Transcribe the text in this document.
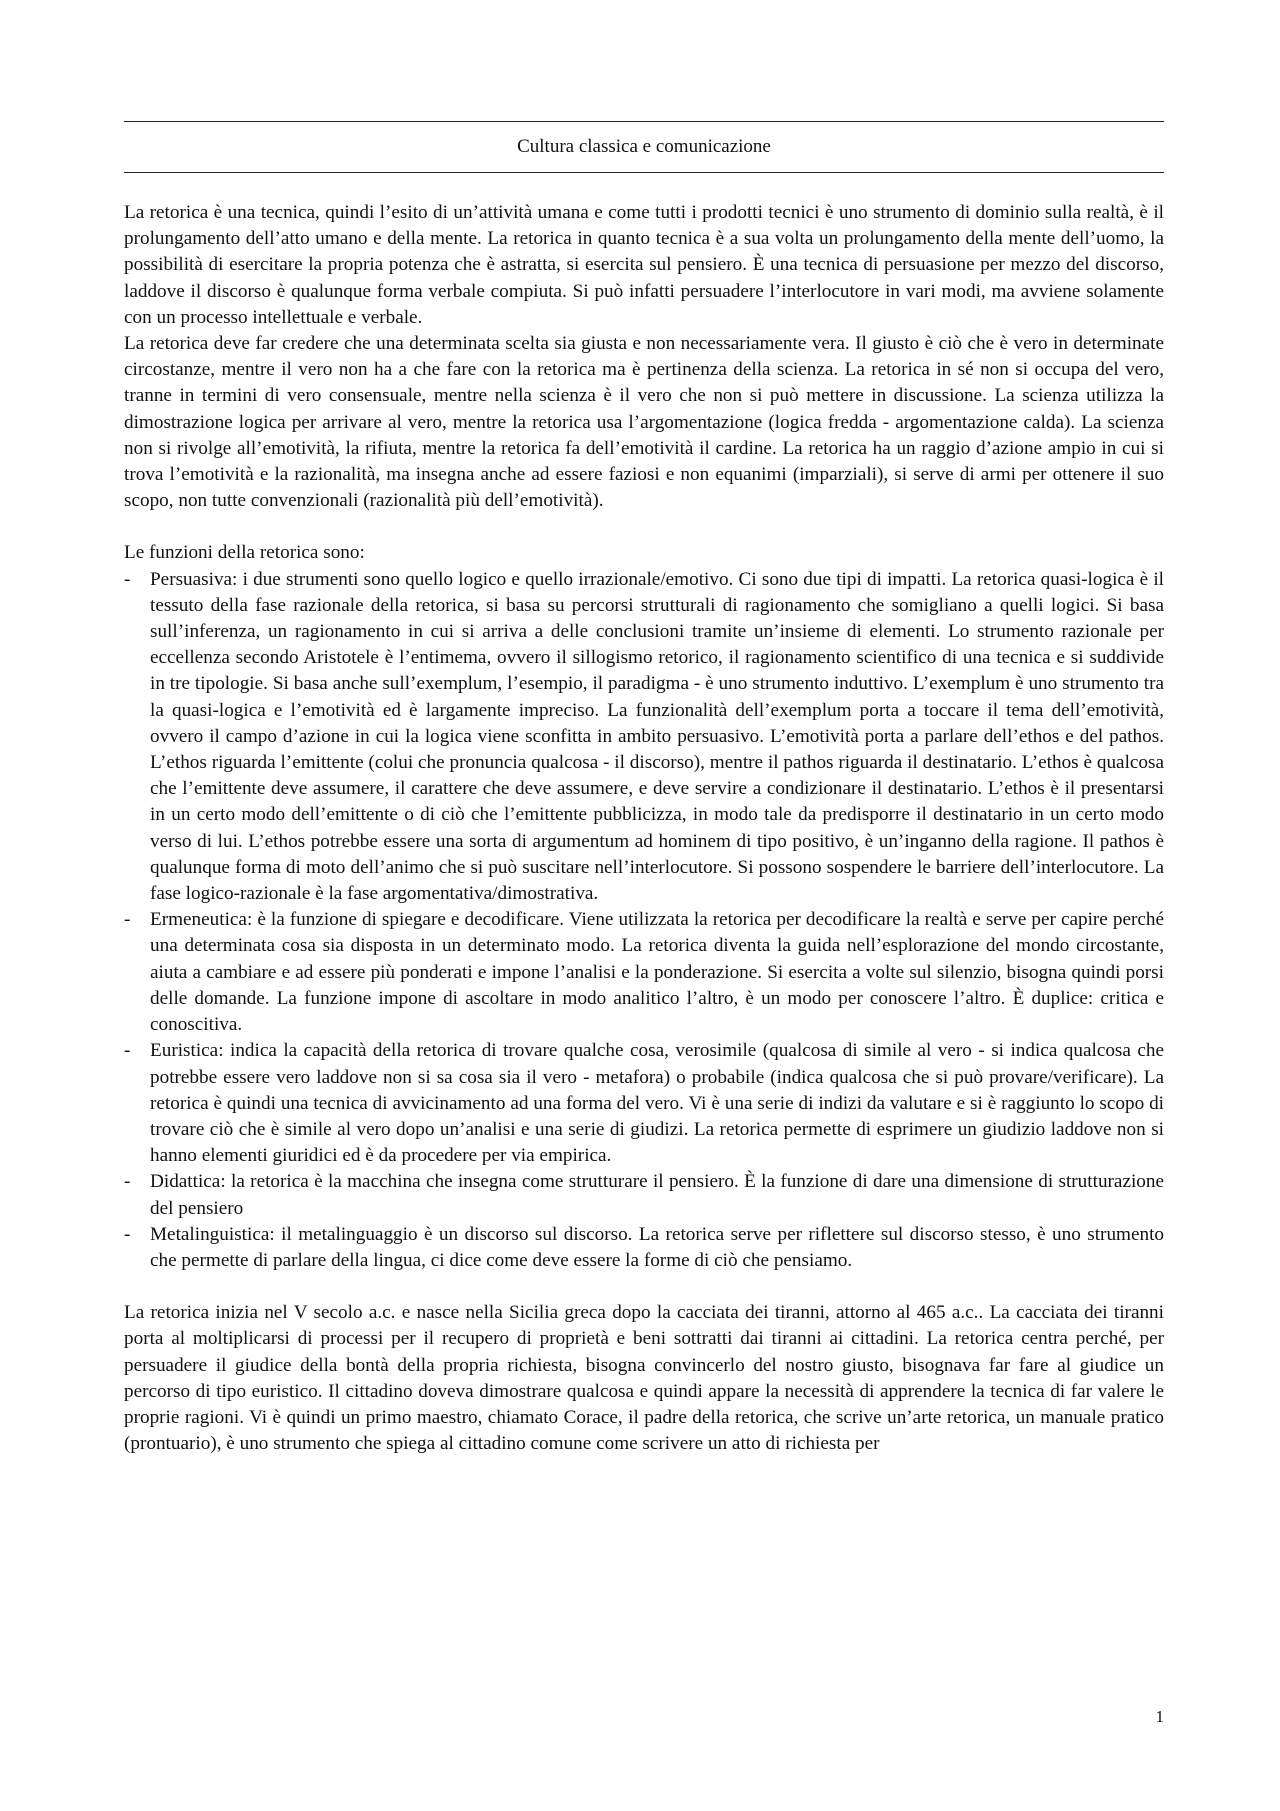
Cultura classica e comunicazione

La retorica è una tecnica, quindi l’esito di un’attività umana e come tutti i prodotti tecnici è uno strumento di dominio sulla realtà, è il prolungamento dell’atto umano e della mente. La retorica in quanto tecnica è a sua volta un prolungamento della mente dell’uomo, la possibilità di esercitare la propria potenza che è astratta, si esercita sul pensiero. È una tecnica di persuasione per mezzo del discorso, laddove il discorso è qualunque forma verbale compiuta. Si può infatti persuadere l’interlocutore in vari modi, ma avviene solamente con un processo intellettuale e verbale.

La retorica deve far credere che una determinata scelta sia giusta e non necessariamente vera. Il giusto è ciò che è vero in determinate circostanze, mentre il vero non ha a che fare con la retorica ma è pertinenza della scienza. La retorica in sé non si occupa del vero, tranne in termini di vero consensuale, mentre nella scienza è il vero che non si può mettere in discussione. La scienza utilizza la dimostrazione logica per arrivare al vero, mentre la retorica usa l’argomentazione (logica fredda - argomentazione calda). La scienza non si rivolge all’emotività, la rifiuta, mentre la retorica fa dell’emotività il cardine. La retorica ha un raggio d’azione ampio in cui si trova l’emotività e la razionalità, ma insegna anche ad essere faziosi e non equanimi (imparziali), si serve di armi per ottenere il suo scopo, non tutte convenzionali (razionalità più dell’emotività).

Le funzioni della retorica sono:

- Persuasiva: i due strumenti sono quello logico e quello irrazionale/emotivo. Ci sono due tipi di impatti. La retorica quasi-logica è il tessuto della fase razionale della retorica, si basa su percorsi strutturali di ragionamento che somigliano a quelli logici. Si basa sull’inferenza, un ragionamento in cui si arriva a delle conclusioni tramite un’insieme di elementi. Lo strumento razionale per eccellenza secondo Aristotele è l’entimema, ovvero il sillogismo retorico, il ragionamento scientifico di una tecnica e si suddivide in tre tipologie. Si basa anche sull’exemplum, l’esempio, il paradigma - è uno strumento induttivo. L’exemplum è uno strumento tra la quasi-logica e l’emotività ed è largamente impreciso. La funzionalità dell’exemplum porta a toccare il tema dell’emotività, ovvero il campo d’azione in cui la logica viene sconfitta in ambito persuasivo. L’emotività porta a parlare dell’ethos e del pathos. L’ethos riguarda l’emittente (colui che pronuncia qualcosa - il discorso), mentre il pathos riguarda il destinatario. L’ethos è qualcosa che l’emittente deve assumere, il carattere che deve assumere, e deve servire a condizionare il destinatario. L’ethos è il presentarsi in un certo modo dell’emittente o di ciò che l’emittente pubblicizza, in modo tale da predisporre il destinatario in un certo modo verso di lui. L’ethos potrebbe essere una sorta di argumentum ad hominem di tipo positivo, è un’inganno della ragione. Il pathos è qualunque forma di moto dell’animo che si può suscitare nell’interlocutore. Si possono sospendere le barriere dell’interlocutore. La fase logico-razionale è la fase argomentativa/dimostrativa.
- Ermeneutica: è la funzione di spiegare e decodificare. Viene utilizzata la retorica per decodificare la realtà e serve per capire perché una determinata cosa sia disposta in un determinato modo. La retorica diventa la guida nell’esplorazione del mondo circostante, aiuta a cambiare e ad essere più ponderati e impone l’analisi e la ponderazione. Si esercita a volte sul silenzio, bisogna quindi porsi delle domande. La funzione impone di ascoltare in modo analitico l’altro, è un modo per conoscere l’altro. È duplice: critica e conoscitiva.
- Euristica: indica la capacità della retorica di trovare qualche cosa, verosimile (qualcosa di simile al vero - si indica qualcosa che potrebbe essere vero laddove non si sa cosa sia il vero - metafora) o probabile (indica qualcosa che si può provare/verificare). La retorica è quindi una tecnica di avvicinamento ad una forma del vero. Vi è una serie di indizi da valutare e si è raggiunto lo scopo di trovare ciò che è simile al vero dopo un’analisi e una serie di giudizi. La retorica permette di esprimere un giudizio laddove non si hanno elementi giuridici ed è da procedere per via empirica.
- Didattica: la retorica è la macchina che insegna come strutturare il pensiero. È la funzione di dare una dimensione di strutturazione del pensiero
- Metalinguistica: il metalinguaggio è un discorso sul discorso. La retorica serve per riflettere sul discorso stesso, è uno strumento che permette di parlare della lingua, ci dice come deve essere la forme di ciò che pensiamo.

La retorica inizia nel V secolo a.c. e nasce nella Sicilia greca dopo la cacciata dei tiranni, attorno al 465 a.c.. La cacciata dei tiranni porta al moltiplicarsi di processi per il recupero di proprietà e beni sottratti dai tiranni ai cittadini. La retorica centra perché, per persuadere il giudice della bontà della propria richiesta, bisogna convincerlo del nostro giusto, bisognava far fare al giudice un percorso di tipo euristico. Il cittadino doveva dimostrare qualcosa e quindi appare la necessità di apprendere la tecnica di far valere le proprie ragioni. Vi è quindi un primo maestro, chiamato Corace, il padre della retorica, che scrive un’arte retorica, un manuale pratico (prontuario), è uno strumento che spiega al cittadino comune come scrivere un atto di richiesta per

1
